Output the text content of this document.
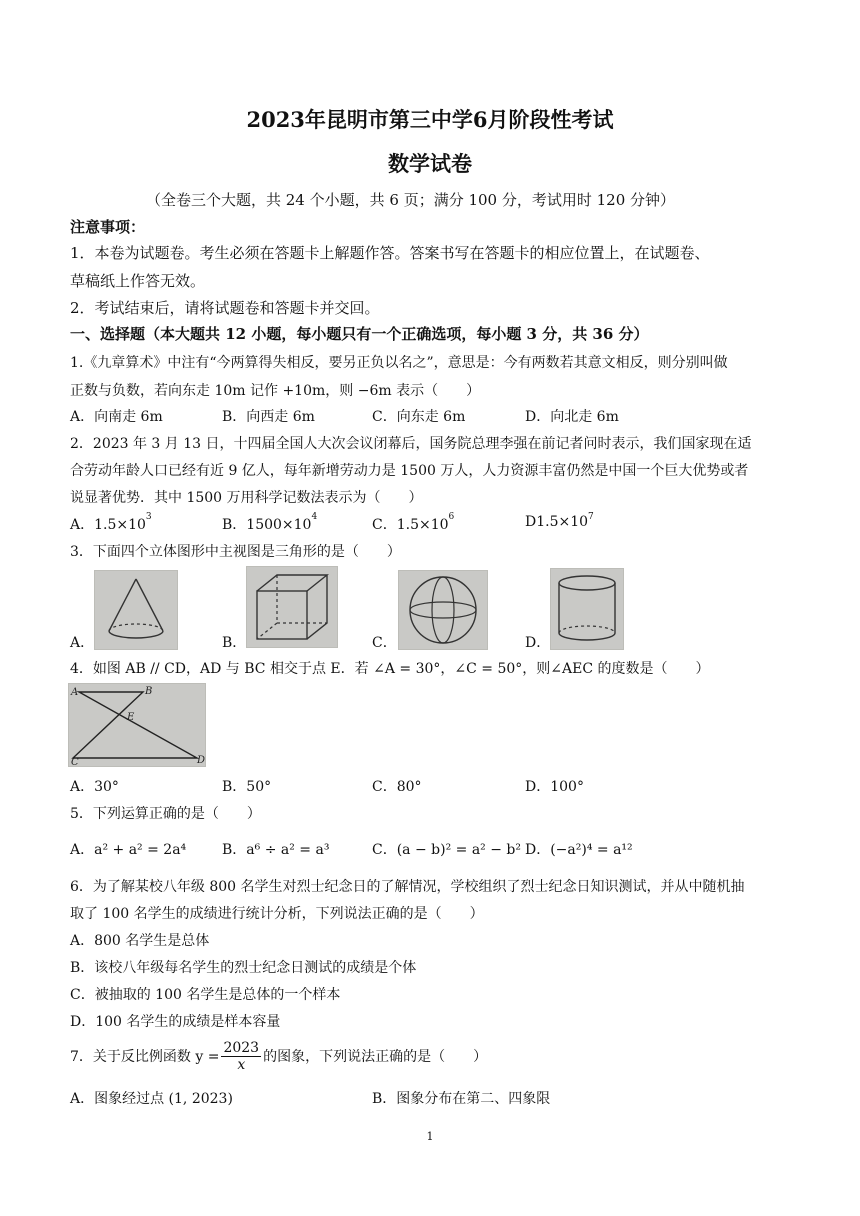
2023年昆明市第三中学6月阶段性考试
数学试卷
（全卷三个大题，共 24 个小题，共 6 页；满分 100 分，考试用时 120 分钟）
注意事项：
1．本卷为试题卷。考生必须在答题卡上解题作答。答案书写在答题卡的相应位置上，在试题卷、
草稿纸上作答无效。
2．考试结束后，请将试题卷和答题卡并交回。
一、选择题（本大题共 12 小题，每小题只有一个正确选项，每小题 3 分，共 36 分）
1.《九章算术》中注有“今两算得失相反，要另正负以名之”，意思是：今有两数若其意文相反，则分别叫做
正数与负数，若向东走 10m 记作 +10m，则 −6m 表示（　　）
A．向南走 6m	B．向西走 6m	C．向东走 6m	D．向北走 6m
2．2023 年 3 月 13 日，十四届全国人大次会议闭幕后，国务院总理李强在前记者问时表示，我们国家现在适
合劳动年龄人口已经有近 9 亿人，每年新增劳动力是 1500 万人，人力资源丰富仍然是中国一个巨大优势或者
说显著优势．其中 1500 万用科学记数法表示为（　　）
A．$1.5\times 10^3$	B．$1500\times 10^4$	C．$1.5\times 10^6$	$D1.5\times 10^7$
3．下面四个立体图形中主视图是三角形的是（　　）
A．	B．	C．	D．
4．如图 AB // CD，AD 与 BC 相交于点 E．若 ∠A = 30°，∠C = 50°，则∠AEC 的度数是（　　）
A	B
E
C	D
A．30°	B．50°	C．80°	D．100°
5．下列运算正确的是（　　）
A．a² + a² = 2a⁴	B．a⁶ ÷ a² = a³	C．(a − b)² = a² − b² D．(−a²)⁴ = a¹²
6．为了解某校八年级 800 名学生对烈士纪念日的了解情况，学校组织了烈士纪念日知识测试，并从中随机抽
取了 100 名学生的成绩进行统计分析，下列说法正确的是（　　）
A．800 名学生是总体
B．该校八年级每名学生的烈士纪念日测试的成绩是个体
C．被抽取的 100 名学生是总体的一个样本
D．100 名学生的成绩是样本容量
7．关于反比例函数 $y = \frac{2023}{x}$ 的图象，下列说法正确的是（　　）
A．图象经过点 (1, 2023)	B．图象分布在第二、四象限
1
